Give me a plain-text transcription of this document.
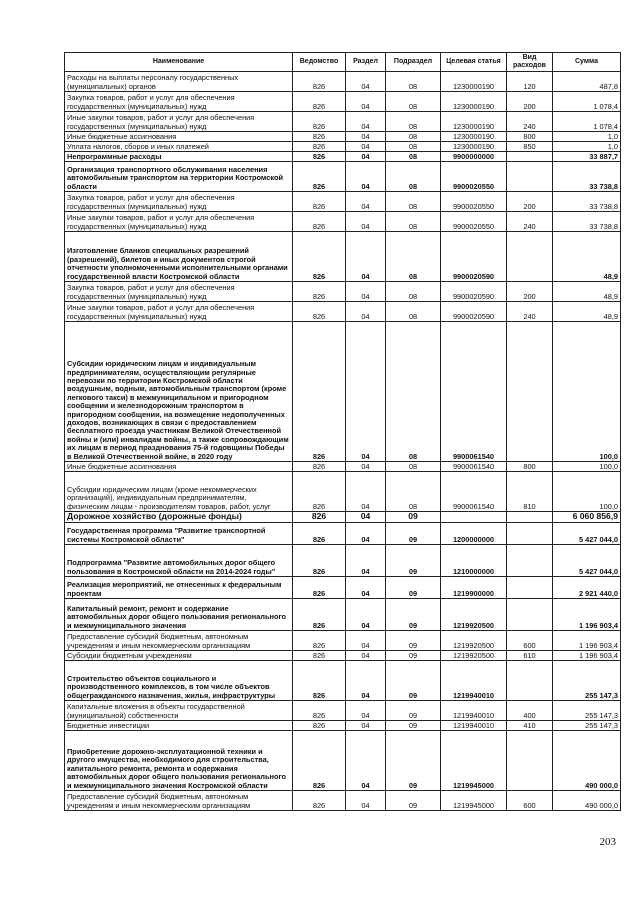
Наименование	Ведомство	Раздел	Подраздел	Целевая статья	Вид расходов	Сумма
Расходы на выплаты персоналу государственных (муниципальных) органов	826	04	08	1230000190	120	487,8
Закупка товаров, работ и услуг для обеспечения государственных (муниципальных) нужд	826	04	08	1230000190	200	1 078,4
Иные закупки товаров, работ и услуг для обеспечения государственных (муниципальных) нужд	826	04	08	1230000190	240	1 078,4
Иные бюджетные ассигнования	826	04	08	1230000190	800	1,0
Уплата налогов, сборов и иных платежей	826	04	08	1230000190	850	1,0
Непрограммные расходы	826	04	08	9900000000		33 887,7
Организация транспортного обслуживания населения автомобильным транспортом на территории Костромской области	826	04	08	9900020550		33 738,8
Закупка товаров, работ и услуг для обеспечения государственных (муниципальных) нужд	826	04	08	9900020550	200	33 738,8
Иные закупки товаров, работ и услуг для обеспечения государственных (муниципальных) нужд	826	04	08	9900020550	240	33 738,8
Изготовление бланков специальных разрешений (разрешений), билетов и иных документов строгой отчетности уполномоченными исполнительными органами государственной власти Костромской области	826	04	08	9900020590		48,9
Закупка товаров, работ и услуг для обеспечения государственных (муниципальных) нужд	826	04	08	9900020590	200	48,9
Иные закупки товаров, работ и услуг для обеспечения государственных (муниципальных) нужд	826	04	08	9900020590	240	48,9
Субсидии юридическим лицам и индивидуальным предпринимателям, осуществляющим регулярные перевозки по территории Костромской области воздушным, водным, автомобильным транспортом (кроме легкового такси) в межмуниципальном и пригородном сообщении и железнодорожным транспортом в пригородном сообщении, на возмещение недополученных доходов, возникающих в связи с предоставлением бесплатного проезда участникам Великой Отечественной войны и (или) инвалидам войны, а также сопровождающим их лицам в период празднования 75-й годовщины Победы в Великой Отечественной войне, в 2020 году	826	04	08	9900061540		100,0
Иные бюджетные ассигнования	826	04	08	9900061540	800	100,0
Субсидии юридическим лицам (кроме некоммерческих организаций), индивидуальным предпринимателям, физическим лицам - производителям товаров, работ, услуг	826	04	08	9900061540	810	100,0
Дорожное хозяйство (дорожные фонды)	826	04	09			6 060 856,9
Государственная программа "Развитие транспортной системы Костромской области"	826	04	09	1200000000		5 427 044,0
Подпрограмма "Развитие автомобильных дорог общего пользования в Костромской области на 2014-2024 годы"	826	04	09	1210000000		5 427 044,0
Реализация мероприятий, не отнесенных к федеральным проектам	826	04	09	1219900000		2 921 440,0
Капитальный ремонт, ремонт и содержание автомобильных дорог общего пользования регионального и межмуниципального значения	826	04	09	1219920500		1 196 903,4
Предоставление субсидий бюджетным, автономным учреждениям и иным некоммерческим организациям	826	04	09	1219920500	600	1 196 903,4
Субсидии бюджетным учреждениям	826	04	09	1219920500	610	1 196 903,4
Строительство объектов социального и производственного комплексов, в том числе объектов общегражданского назначения, жилья, инфраструктуры	826	04	09	1219940010		255 147,3
Капитальные вложения в объекты государственной (муниципальной) собственности	826	04	09	1219940010	400	255 147,3
Бюджетные инвестиции	826	04	09	1219940010	410	255 147,3
Приобретение дорожно-эксплуатационной техники и другого имущества, необходимого для строительства, капитального ремонта, ремонта и содержания автомобильных дорог общего пользования регионального и межмуниципального значения Костромской области	826	04	09	1219945000		490 000,0
Предоставление субсидий бюджетным, автономным учреждениям и иным некоммерческим организациям	826	04	09	1219945000	600	490 000,0
203
